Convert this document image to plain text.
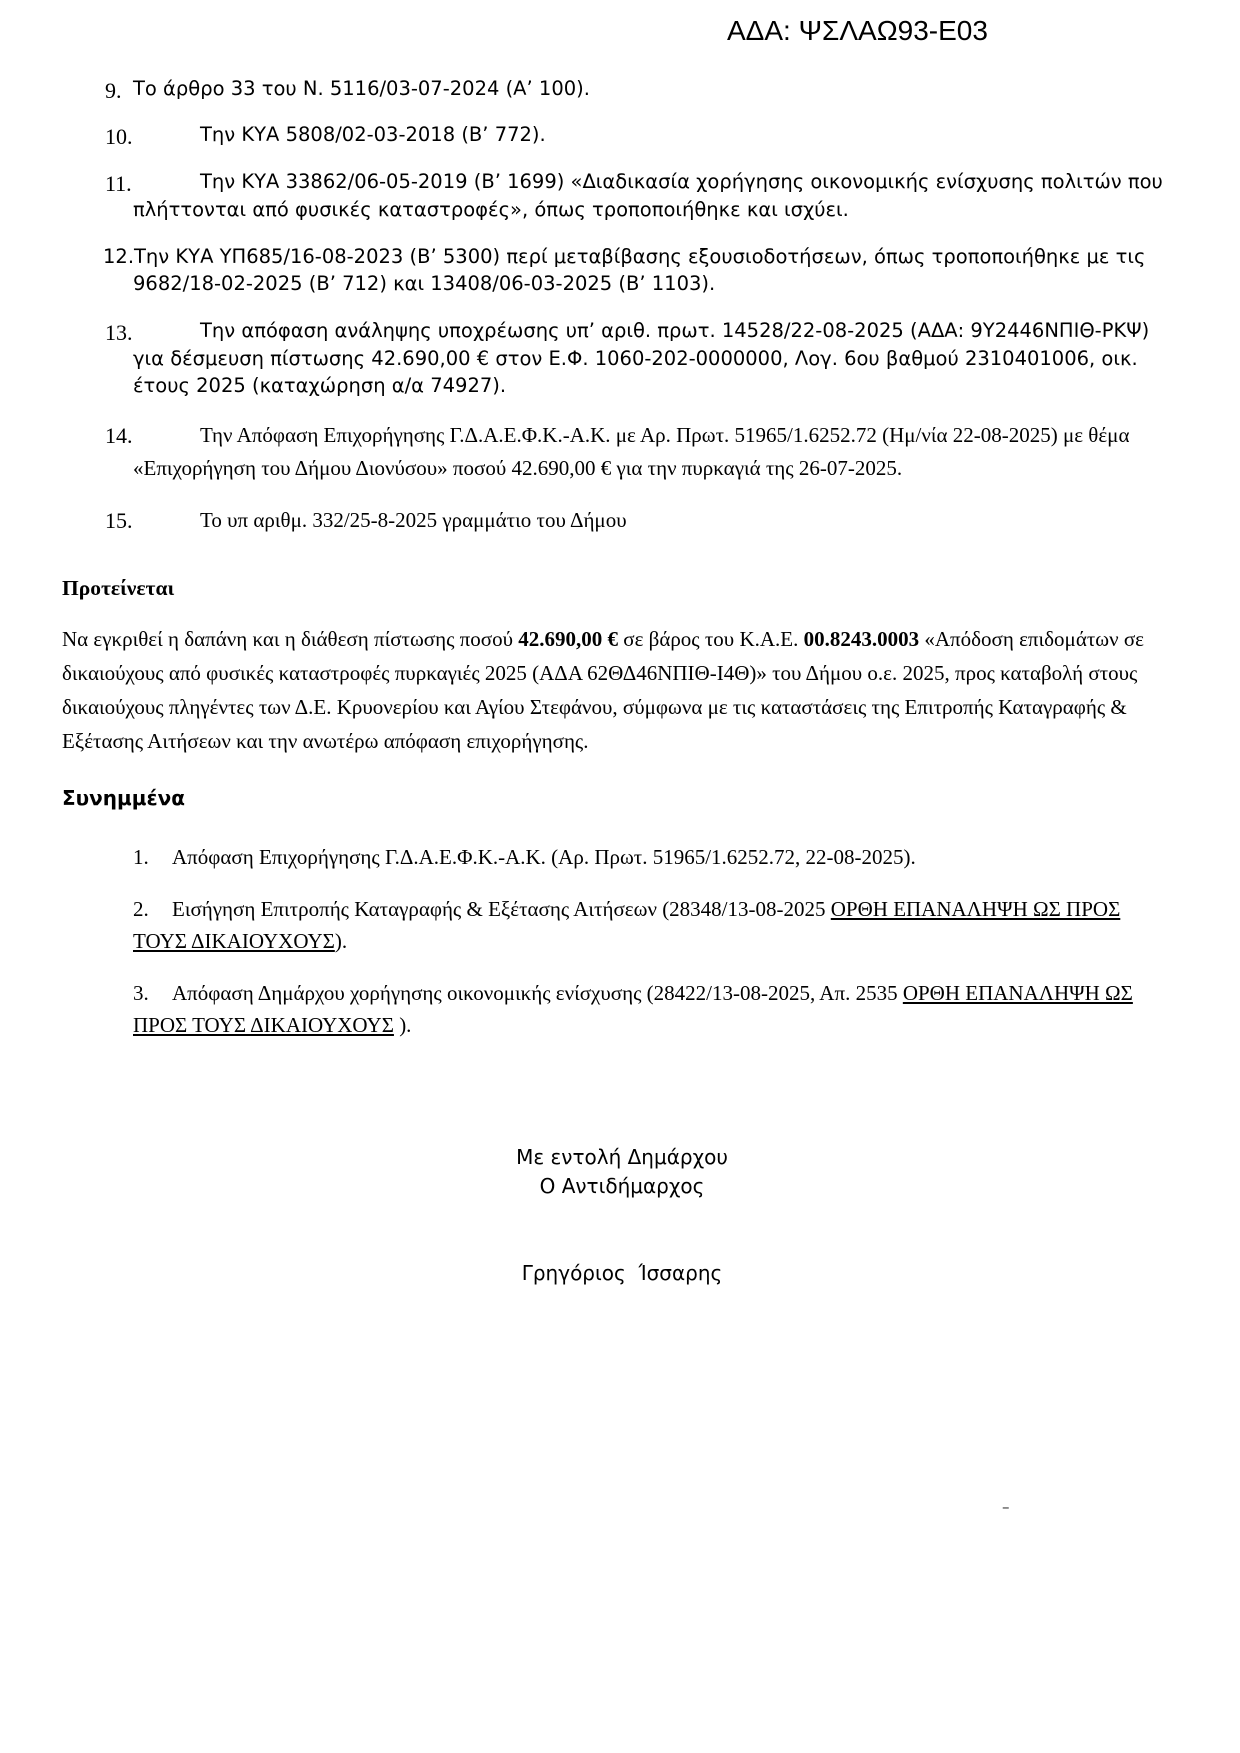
ΑΔΑ: ΨΣΛΑΩ93-Ε03

9. Το άρθρο 33 του Ν. 5116/03-07-2024 (Α’ 100).

10.	Την ΚΥΑ 5808/02-03-2018 (Β’ 772).

11.	Την ΚΥΑ 33862/06-05-2019 (Β’ 1699) «Διαδικασία χορήγησης οικονομικής ενίσχυσης πολιτών που πλήττονται από φυσικές καταστροφές», όπως τροποποιήθηκε και ισχύει.

12.Την ΚΥΑ ΥΠ685/16-08-2023 (Β’ 5300) περί μεταβίβασης εξουσιοδοτήσεων, όπως τροποποιήθηκε με τις 9682/18-02-2025 (Β’ 712) και 13408/06-03-2025 (Β’ 1103).

13.	Την απόφαση ανάληψης υποχρέωσης υπ’ αριθ. πρωτ. 14528/22-08-2025 (ΑΔΑ: 9Υ2446ΝΠΙΘ-ΡΚΨ) για δέσμευση πίστωσης 42.690,00 € στον Ε.Φ. 1060-202-0000000, Λογ. 6ου βαθμού 2310401006, οικ. έτους 2025 (καταχώρηση α/α 74927).

14.	Την Απόφαση Επιχορήγησης Γ.Δ.Α.Ε.Φ.Κ.-Α.Κ. με Αρ. Πρωτ. 51965/1.6252.72 (Ημ/νία 22-08-2025) με θέμα «Επιχορήγηση του Δήμου Διονύσου» ποσού 42.690,00 € για την πυρκαγιά της 26-07-2025.

15.	Το υπ αριθμ. 332/25-8-2025 γραμμάτιο του Δήμου

Προτείνεται

Να εγκριθεί η δαπάνη και η διάθεση πίστωσης ποσού 42.690,00 € σε βάρος του Κ.Α.Ε. 00.8243.0003 «Απόδοση επιδομάτων σε δικαιούχους από φυσικές καταστροφές πυρκαγιές 2025 (ΑΔΑ 62ΘΔ46ΝΠΙΘ-Ι4Θ)» του Δήμου ο.ε. 2025, προς καταβολή στους δικαιούχους πληγέντες των Δ.Ε. Κρυονερίου και Αγίου Στεφάνου, σύμφωνα με τις καταστάσεις της Επιτροπής Καταγραφής & Εξέτασης Αιτήσεων και την ανωτέρω απόφαση επιχορήγησης.

Συνημμένα

1. Απόφαση Επιχορήγησης Γ.Δ.Α.Ε.Φ.Κ.-Α.Κ. (Αρ. Πρωτ. 51965/1.6252.72, 22-08-2025).

2. Εισήγηση Επιτροπής Καταγραφής & Εξέτασης Αιτήσεων (28348/13-08-2025 ΟΡΘΗ ΕΠΑΝΑΛΗΨΗ ΩΣ ΠΡΟΣ ΤΟΥΣ ΔΙΚΑΙΟΥΧΟΥΣ).

3. Απόφαση Δημάρχου χορήγησης οικονομικής ενίσχυσης (28422/13-08-2025, Απ. 2535 ΟΡΘΗ ΕΠΑΝΑΛΗΨΗ ΩΣ ΠΡΟΣ ΤΟΥΣ ΔΙΚΑΙΟΥΧΟΥΣ ).

Με εντολή Δημάρχου
Ο Αντιδήμαρχος
Γρηγόριος  Ίσσαρης
–
